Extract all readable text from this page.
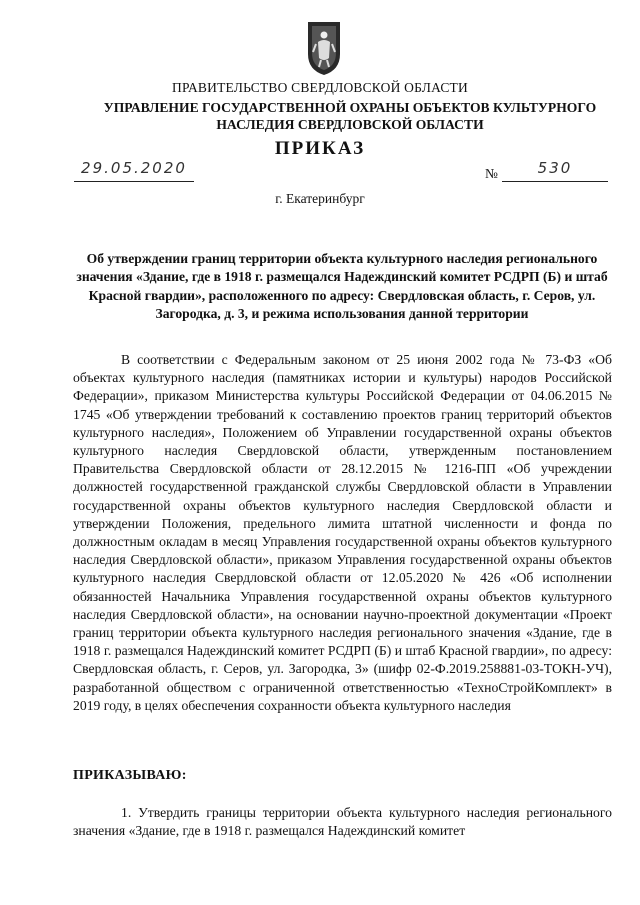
ПРАВИТЕЛЬСТВО СВЕРДЛОВСКОЙ ОБЛАСТИ
УПРАВЛЕНИЕ ГОСУДАРСТВЕННОЙ ОХРАНЫ ОБЪЕКТОВ КУЛЬТУРНОГО НАСЛЕДИЯ СВЕРДЛОВСКОЙ ОБЛАСТИ
ПРИКАЗ
29.05.2020	№	530
г. Екатеринбург
Об утверждении границ территории объекта культурного наследия регионального значения «Здание, где в 1918 г. размещался Надеждинский комитет РСДРП (Б) и штаб Красной гвардии», расположенного по адресу: Свердловская область, г. Серов, ул. Загородка, д. 3, и режима использования данной территории

В соответствии с Федеральным законом от 25 июня 2002 года № 73-ФЗ «Об объектах культурного наследия (памятниках истории и культуры) народов Российской Федерации», приказом Министерства культуры Российской Федерации от 04.06.2015 № 1745 «Об утверждении требований к составлению проектов границ территорий объектов культурного наследия», Положением об Управлении государственной охраны объектов культурного наследия Свердловской области, утвержденным постановлением Правительства Свердловской области от 28.12.2015 № 1216-ПП «Об учреждении должностей государственной гражданской службы Свердловской области в Управлении государственной охраны объектов культурного наследия Свердловской области и утверждении Положения, предельного лимита штатной численности и фонда по должностным окладам в месяц Управления государственной охраны объектов культурного наследия Свердловской области», приказом Управления государственной охраны объектов культурного наследия Свердловской области от 12.05.2020 № 426 «Об исполнении обязанностей Начальника Управления государственной охраны объектов культурного наследия Свердловской области», на основании научно-проектной документации «Проект границ территории объекта культурного наследия регионального значения «Здание, где в 1918 г. размещался Надеждинский комитет РСДРП (Б) и штаб Красной гвардии», по адресу: Свердловская область, г. Серов, ул. Загородка, 3» (шифр 02-Ф.2019.258881-03-ТОКН-УЧ), разработанной обществом с ограниченной ответственностью «ТехноСтройКомплект» в 2019 году, в целях обеспечения сохранности объекта культурного наследия

ПРИКАЗЫВАЮ:

1. Утвердить границы территории объекта культурного наследия регионального значения «Здание, где в 1918 г. размещался Надеждинский комитет
